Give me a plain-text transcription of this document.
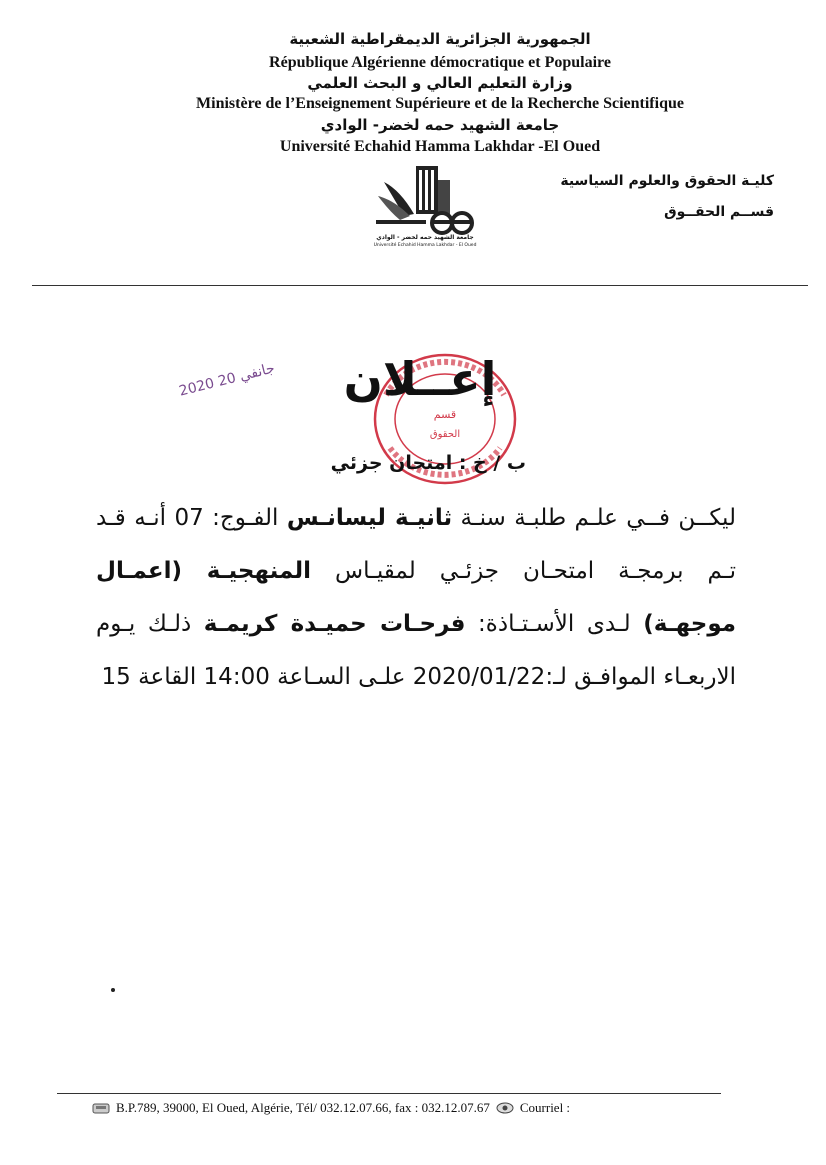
الجمهورية الجزائرية الديمقراطية الشعبية
République Algérienne démocratique et Populaire
وزارة التعليم العالي و البحث العلمي
Ministère de l’Enseignement Supérieure et de la Recherche Scientifique
جامعة الشهيد حمه لخضر- الوادي
Université Echahid Hamma Lakhdar -El Oued
كليـة الحقوق والعلوم السياسية
قســم الحقــوق
جامعة الشهيد حمه لخضر - الوادي
Université Echahid Hamma Lakhdar - El Oued
قسم
الحقوق
2020 جانفي 20	إعــلان
ب / خ : امتحان جزئي
ليكــن فــي علـم طلبـة سنـة ثانيـة ليسانـس الفـوج: 07 أنـه قـد تـم برمجـة امتحـان جزئـي لمقيـاس المنهجيـة (اعمـال موجهـة) لـدى الأسـتـاذة: فرحـات حميـدة كريمـة ذلـك يـوم الاربعـاء الموافـق لـ:2020/01/22 علـى السـاعة 14:00 القاعة 15
B.P.789, 39000, El Oued, Algérie, Tél/ 032.12.07.66, fax : 032.12.07.67 Courriel :
